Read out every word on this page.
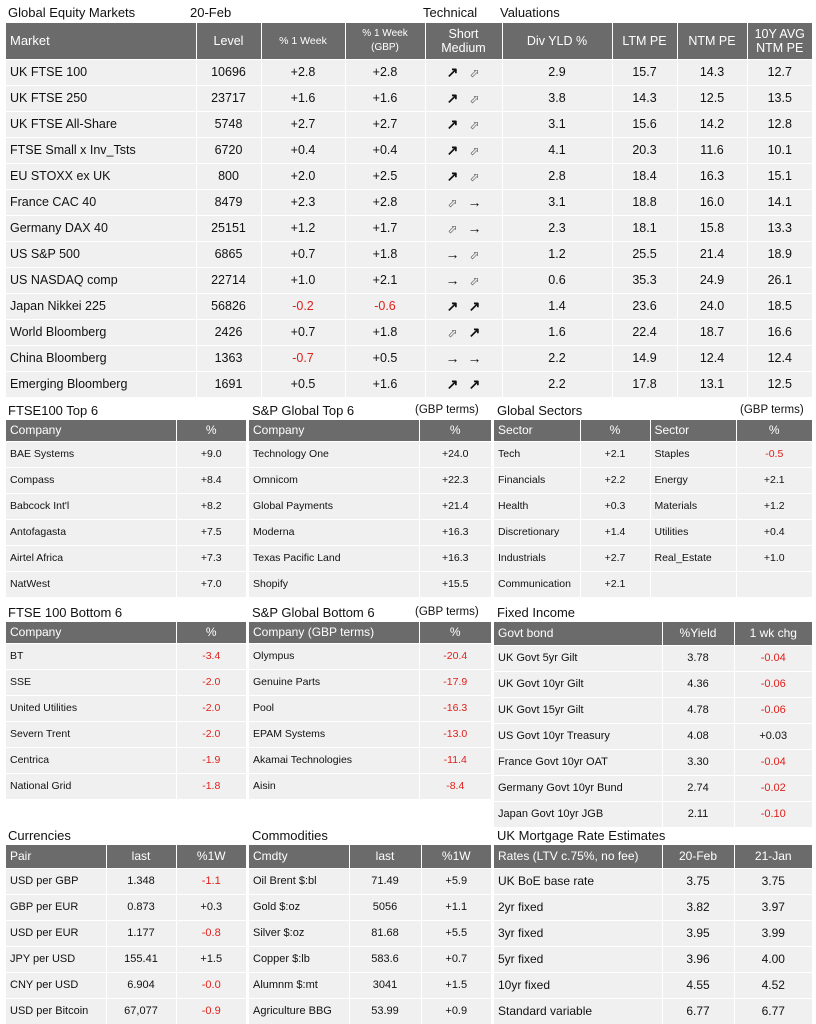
Global Equity Markets	20-Feb	Technical Valuations
Market	Level	% 1 Week	% 1 Week (GBP)	Short Medium	Div YLD %	LTM PE	NTM PE	10Y AVG NTM PE
UK FTSE 100	10696	+2.8	+2.8	↗ ⬀	2.9	15.7	14.3	12.7
UK FTSE 250	23717	+1.6	+1.6	↗ ⬀	3.8	14.3	12.5	13.5
UK FTSE All-Share	5748	+2.7	+2.7	↗ ⬀	3.1	15.6	14.2	12.8
FTSE Small x Inv_Tsts	6720	+0.4	+0.4	↗ ⬀	4.1	20.3	11.6	10.1
EU STOXX ex UK	800	+2.0	+2.5	↗ ⬀	2.8	18.4	16.3	15.1
France CAC 40	8479	+2.3	+2.8	⬀ →	3.1	18.8	16.0	14.1
Germany DAX 40	25151	+1.2	+1.7	⬀ →	2.3	18.1	15.8	13.3
US S&P 500	6865	+0.7	+1.8	→ ⬀	1.2	25.5	21.4	18.9
US NASDAQ comp	22714	+1.0	+2.1	→ ⬀	0.6	35.3	24.9	26.1
Japan Nikkei 225	56826	-0.2	-0.6	↗ ↗	1.4	23.6	24.0	18.5
World Bloomberg	2426	+0.7	+1.8	⬀ ↗	1.6	22.4	18.7	16.6
China Bloomberg	1363	-0.7	+0.5	→ →	2.2	14.9	12.4	12.4
Emerging Bloomberg	1691	+0.5	+1.6	↗ ↗	2.2	17.8	13.1	12.5
FTSE100 Top 6	S&P Global Top 6	(GBP terms) Global Sectors	(GBP terms)
Company	%
BAE Systems	+9.0
Compass	+8.4
Babcock Int'l	+8.2
Antofagasta	+7.5
Airtel Africa	+7.3
NatWest	+7.0
Company	%
Technology One	+24.0
Omnicom	+22.3
Global Payments	+21.4
Moderna	+16.3
Texas Pacific Land	+16.3
Shopify	+15.5
Sector	%	Sector	%
Tech	+2.1	Staples	-0.5
Financials	+2.2	Energy	+2.1
Health	+0.3	Materials	+1.2
Discretionary	+1.4	Utilities	+0.4
Industrials	+2.7	Real_Estate	+1.0
Communication	+2.1		
FTSE 100 Bottom 6	S&P Global Bottom 6	(GBP terms) Fixed Income
Company	%
BT	-3.4
SSE	-2.0
United Utilities	-2.0
Severn Trent	-2.0
Centrica	-1.9
National Grid	-1.8
Company (GBP terms)	%
Olympus	-20.4
Genuine Parts	-17.9
Pool	-16.3
EPAM Systems	-13.0
Akamai Technologies	-11.4
Aisin	-8.4
Govt bond	%Yield	1 wk chg
UK Govt 5yr Gilt	3.78	-0.04
UK Govt 10yr Gilt	4.36	-0.06
UK Govt 15yr Gilt	4.78	-0.06
US Govt 10yr Treasury	4.08	+0.03
France Govt 10yr OAT	3.30	-0.04
Germany Govt 10yr Bund	2.74	-0.02
Japan Govt 10yr JGB	2.11	-0.10
Currencies	Commodities	UK Mortgage Rate Estimates
Pair	last	%1W
USD per GBP	1.348	-1.1
GBP per EUR	0.873	+0.3
USD per EUR	1.177	-0.8
JPY per USD	155.41	+1.5
CNY per USD	6.904	-0.0
USD per Bitcoin	67,077	-0.9
Cmdty	last	%1W
Oil Brent $:bl	71.49	+5.9
Gold $:oz	5056	+1.1
Silver $:oz	81.68	+5.5
Copper $:lb	583.6	+0.7
Alumnm $:mt	3041	+1.5
Agriculture BBG	53.99	+0.9
Rates (LTV c.75%, no fee)	20-Feb	21-Jan
UK BoE base rate	3.75	3.75
2yr fixed	3.82	3.97
3yr fixed	3.95	3.99
5yr fixed	3.96	4.00
10yr fixed	4.55	4.52
Standard variable	6.77	6.77
